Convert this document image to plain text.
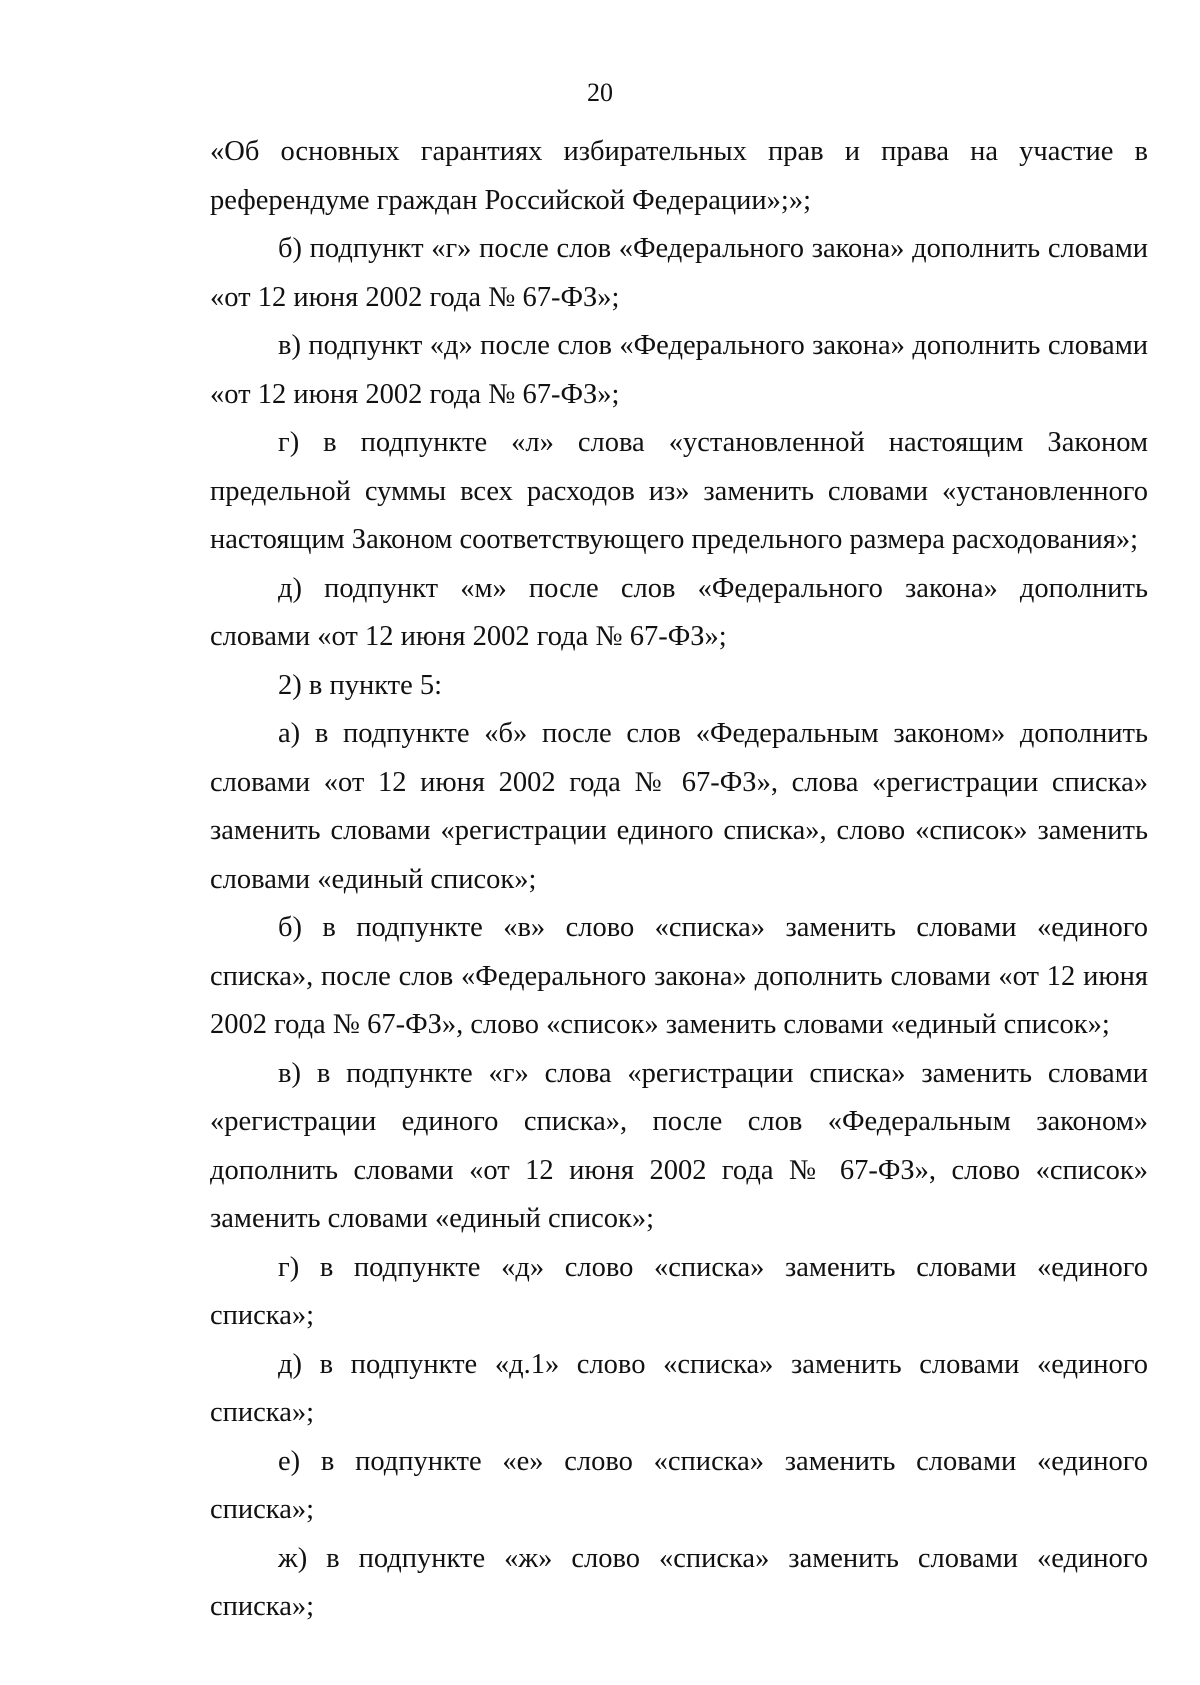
20

«Об основных гарантиях избирательных прав и права на участие в референдуме граждан Российской Федерации»;»;

б) подпункт «г» после слов «Федерального закона» дополнить словами «от 12 июня 2002 года № 67-ФЗ»;

в) подпункт «д» после слов «Федерального закона» дополнить словами «от 12 июня 2002 года № 67-ФЗ»;

г) в подпункте «л» слова «установленной настоящим Законом предельной суммы всех расходов из» заменить словами «установленного настоящим Законом соответствующего предельного размера расходования»;

д) подпункт «м» после слов «Федерального закона» дополнить словами «от 12 июня 2002 года № 67-ФЗ»;

2) в пункте 5:

а) в подпункте «б» после слов «Федеральным законом» дополнить словами «от 12 июня 2002 года № 67-ФЗ», слова «регистрации списка» заменить словами «регистрации единого списка», слово «список» заменить словами «единый список»;

б) в подпункте «в» слово «списка» заменить словами «единого списка», после слов «Федерального закона» дополнить словами «от 12 июня 2002 года № 67-ФЗ», слово «список» заменить словами «единый список»;

в) в подпункте «г» слова «регистрации списка» заменить словами «регистрации единого списка», после слов «Федеральным законом» дополнить словами «от 12 июня 2002 года № 67-ФЗ», слово «список» заменить словами «единый список»;

г) в подпункте «д» слово «списка» заменить словами «единого списка»;

д) в подпункте «д.1» слово «списка» заменить словами «единого списка»;

е) в подпункте «е» слово «списка» заменить словами «единого списка»;

ж) в подпункте «ж» слово «списка» заменить словами «единого списка»;
